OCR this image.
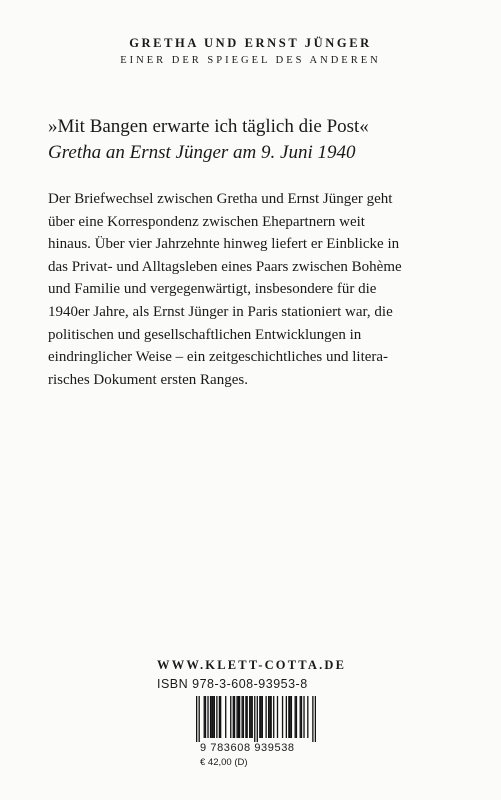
GRETHA UND ERNST JÜNGER
EINER DER SPIEGEL DES ANDEREN
»Mit Bangen erwarte ich täglich die Post«
Gretha an Ernst Jünger am 9. Juni 1940
Der Briefwechsel zwischen Gretha und Ernst Jünger geht
über eine Korrespondenz zwischen Ehepartnern weit
hinaus. Über vier Jahrzehnte hinweg liefert er Einblicke in
das Privat- und Alltagsleben eines Paars zwischen Bohème
und Familie und vergegenwärtigt, insbesondere für die
1940er Jahre, als Ernst Jünger in Paris stationiert war, die
politischen und gesellschaftlichen Entwicklungen in
eindringlicher Weise – ein zeitgeschichtliches und litera-
risches Dokument ersten Ranges.
WWW.KLETT-COTTA.DE
ISBN 978-3-608-93953-8
9 783608 939538
€ 42,00 (D)
